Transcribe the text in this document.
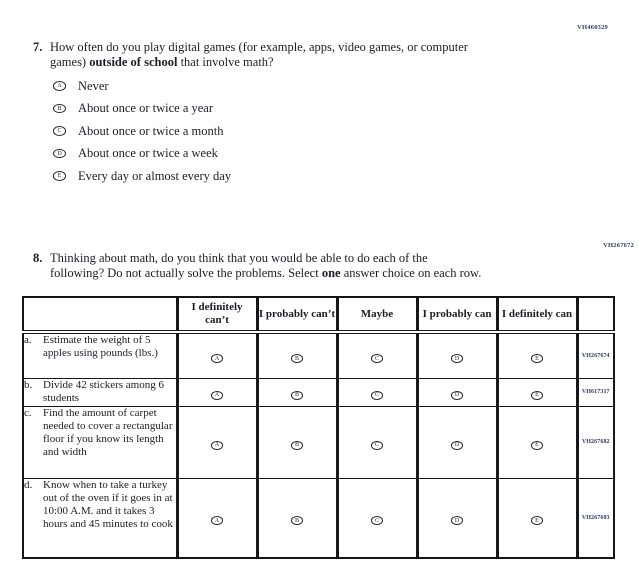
VH460329
7. How often do you play digital games (for example, apps, video games, or computer
games) outside of school that involve math?
A Never
B About once or twice a year
C About once or twice a month
D About once or twice a week
E Every day or almost every day
VH267672
8. Thinking about math, do you think that you would be able to do each of the
following? Do not actually solve the problems. Select one answer choice on each row.
	I definitely can’t	I probably can’t	Maybe	I probably can	I definitely can	

a. Estimate the weight of 5 apples using pounds (lbs.)	A	B	C	D	E	VH267674

b. Divide 42 stickers among 6 students	A	B	C	D	E	VH617317

c. Find the amount of carpet needed to cover a rectangular floor if you know its length and width	A	B	C	D	E	VH267682

d. Know when to take a turkey out of the oven if it goes in at 10:00 A.M. and it takes 3 hours and 45 minutes to cook	A	B	C	D	E	VH267683
